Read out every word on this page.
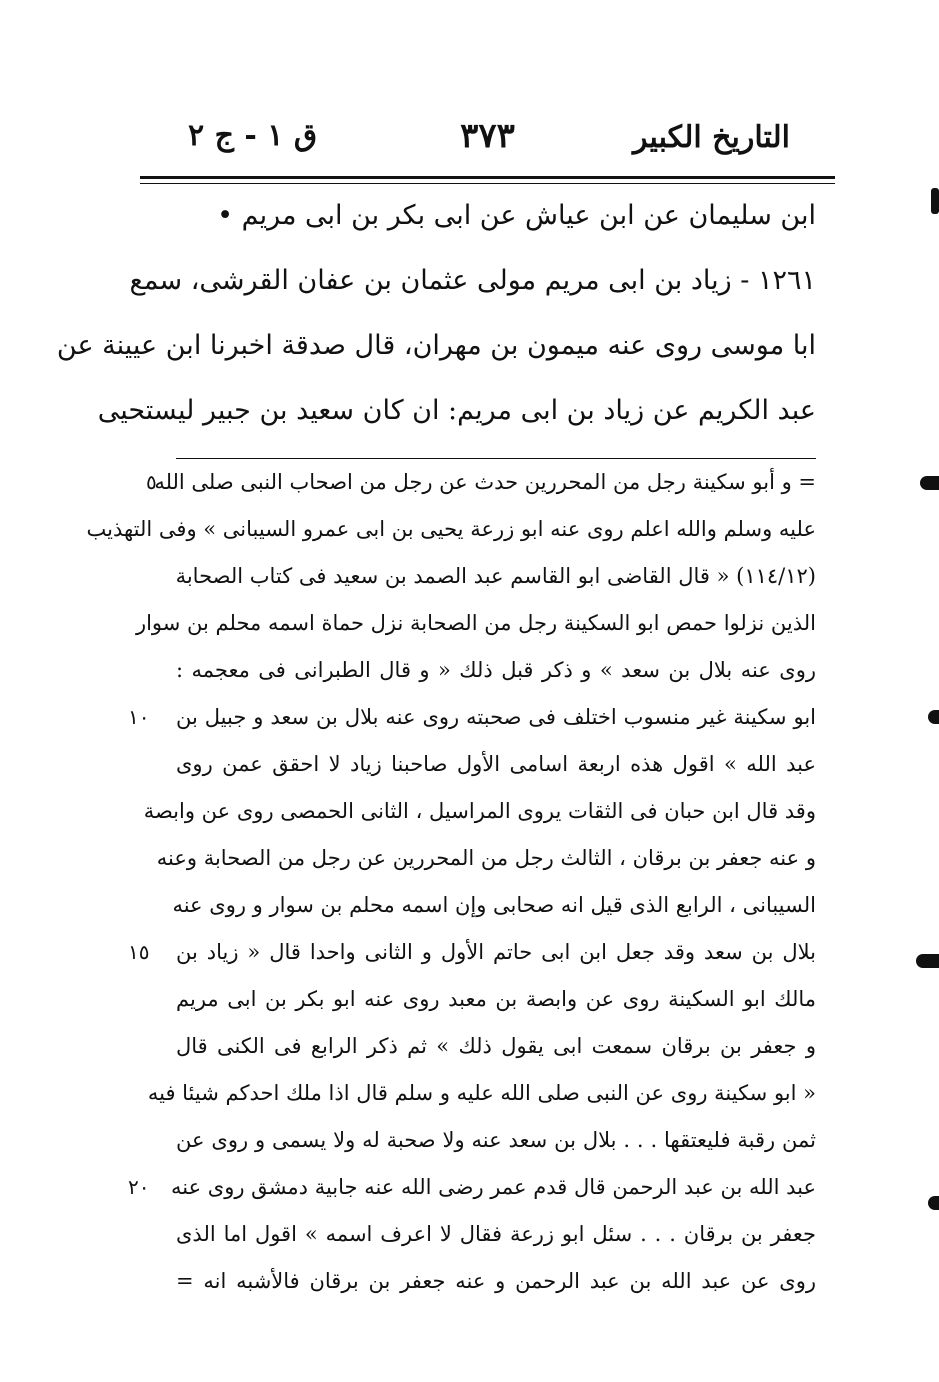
التاريخ الكبير
٣٧٣
ق ١ - ج ٢
ابن سليمان عن ابن عياش عن ابى بكر بن ابى مريم •
١٢٦١ - زياد بن ابى مريم مولى عثمان بن عفان القرشى، سمع
ابا موسى روى عنه ميمون بن مهران، قال صدقة اخبرنا ابن عيينة عن
عبد الكريم عن زياد بن ابى مريم: ان كان سعيد بن جبير ليستحيى
= و أبو سكينة رجل من المحررين حدث عن رجل من اصحاب النبى صلى الله
عليه وسلم والله اعلم روى عنه ابو زرعة يحيى بن ابى عمرو السيبانى » وفى التهذيب
(١١٤/١٢) « قال القاضى ابو القاسم عبد الصمد بن سعيد فى كتاب الصحابة
الذين نزلوا حمص ابو السكينة رجل من الصحابة نزل حماة اسمه محلم بن سوار
روى عنه بلال بن سعد » و ذكر قبل ذلك « و قال الطبرانى فى معجمه :
ابو سكينة غير منسوب اختلف فى صحبته روى عنه بلال بن سعد و جبيل بن
عبد الله » اقول هذه اربعة اسامى الأول صاحبنا زياد لا احقق عمن روى
وقد قال ابن حبان فى الثقات يروى المراسيل ، الثانى الحمصى روى عن وابصة
و عنه جعفر بن برقان ، الثالث رجل من المحررين عن رجل من الصحابة وعنه
السيبانى ، الرابع الذى قيل انه صحابى وإن اسمه محلم بن سوار و روى عنه
بلال بن سعد وقد جعل ابن ابى حاتم الأول و الثانى واحدا قال « زياد بن
مالك ابو السكينة روى عن وابصة بن معبد روى عنه ابو بكر بن ابى مريم
و جعفر بن برقان سمعت ابى يقول ذلك » ثم ذكر الرابع فى الكنى قال
« ابو سكينة روى عن النبى صلى الله عليه و سلم قال اذا ملك احدكم شيئا فيه
ثمن رقبة فليعتقها . . . بلال بن سعد عنه ولا صحبة له ولا يسمى و روى عن
عبد الله بن عبد الرحمن قال قدم عمر رضى الله عنه جابية دمشق روى عنه
جعفر بن برقان . . . سئل ابو زرعة فقال لا اعرف اسمه » اقول اما الذى
روى عن عبد الله بن عبد الرحمن و عنه جعفر بن برقان فالأشبه انه =
٥
١٠
١٥
٢٠
